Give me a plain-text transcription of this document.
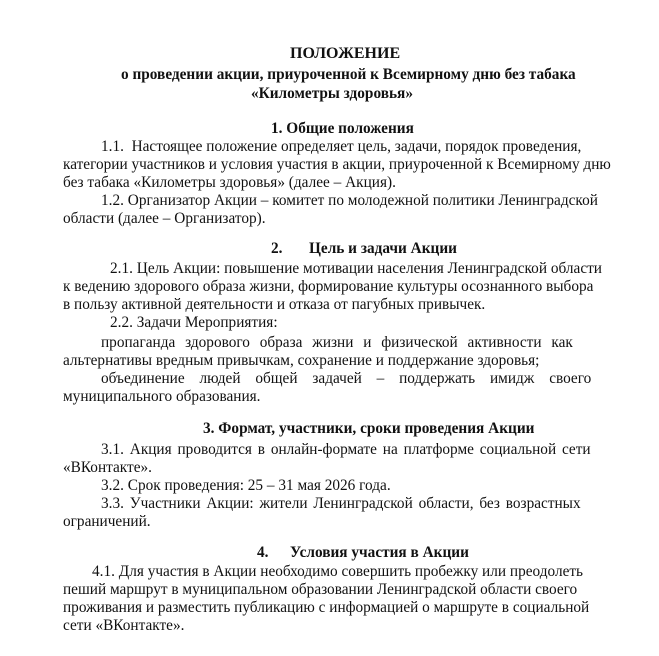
ПОЛОЖЕНИЕ
о проведении акции, приуроченной к Всемирному дню без табака
«Километры здоровья»
1. Общие положения
1.1.  Настоящее положение определяет цель, задачи, порядок проведения,
категории участников и условия участия в акции, приуроченной к Всемирному дню
без табака «Километры здоровья» (далее – Акция).
1.2. Организатор Акции – комитет по молодежной политики Ленинградской
области (далее – Организатор).
2. Цель и задачи Акции
2.1. Цель Акции: повышение мотивации населения Ленинградской области
к ведению здорового образа жизни, формирование культуры осознанного выбора
в пользу активной деятельности и отказа от пагубных привычек.
2.2. Задачи Мероприятия:
пропаганда здорового образа жизни и физической активности как
альтернативы вредным привычкам, сохранение и поддержание здоровья;
объединение людей общей задачей – поддержать имидж своего
муниципального образования.
3. Формат, участники, сроки проведения Акции
3.1. Акция проводится в онлайн-формате на платформе социальной сети
«ВКонтакте».
3.2. Срок проведения: 25 – 31 мая 2026 года.
3.3. Участники Акции: жители Ленинградской области, без возрастных
ограничений.
4. Условия участия в Акции
4.1. Для участия в Акции необходимо совершить пробежку или преодолеть
пеший маршрут в муниципальном образовании Ленинградской области своего
проживания и разместить публикацию с информацией о маршруте в социальной
сети «ВКонтакте».
